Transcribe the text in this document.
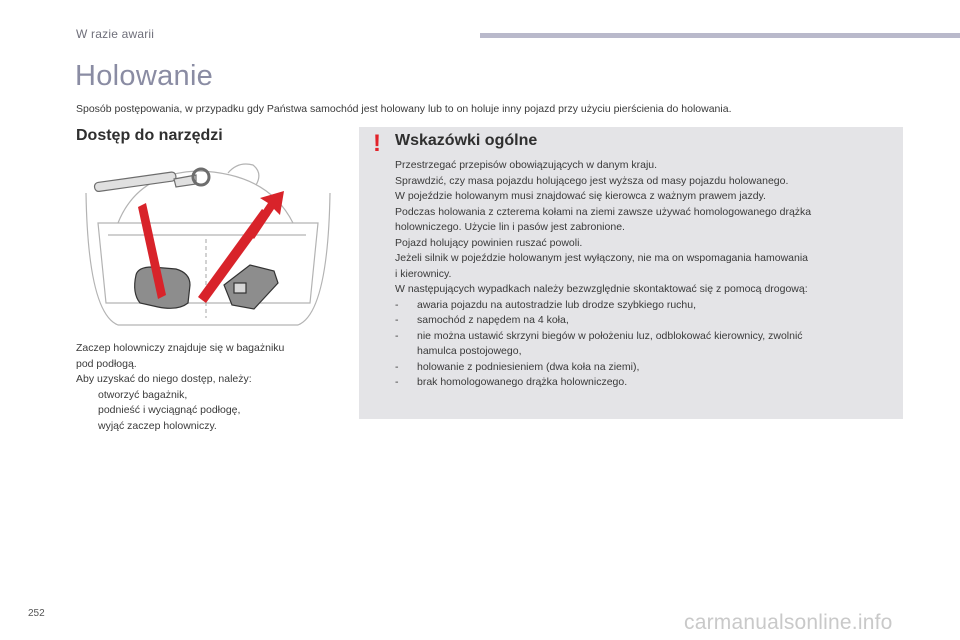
W razie awarii
Holowanie

Sposób postępowania, w przypadku gdy Państwa samochód jest holowany lub to on holuje inny pojazd przy użyciu pierścienia do holowania.

Dostęp do narzędzi
Zaczep holowniczy znajduje się w bagażniku
pod podłogą.
Aby uzyskać do niego dostęp, należy:
otworzyć bagażnik,
podnieść i wyciągnąć podłogę,
wyjąć zaczep holowniczy.
! Wskazówki ogólne
Przestrzegać przepisów obowiązujących w danym kraju.
Sprawdzić, czy masa pojazdu holującego jest wyższa od masy pojazdu holowanego.
W pojeździe holowanym musi znajdować się kierowca z ważnym prawem jazdy.
Podczas holowania z czterema kołami na ziemi zawsze używać homologowanego drążka
holowniczego. Użycie lin i pasów jest zabronione.
Pojazd holujący powinien ruszać powoli.
Jeżeli silnik w pojeździe holowanym jest wyłączony, nie ma on wspomagania hamowania
i kierownicy.
W następujących wypadkach należy bezwzględnie skontaktować się z pomocą drogową:
-	awaria pojazdu na autostradzie lub drodze szybkiego ruchu,
-	samochód z napędem na 4 koła,
-	nie można ustawić skrzyni biegów w położeniu luz, odblokować kierownicy, zwolnić
hamulca postojowego,
-	holowanie z podniesieniem (dwa koła na ziemi),
-	brak homologowanego drążka holowniczego.
252	carmanualsonline.info
